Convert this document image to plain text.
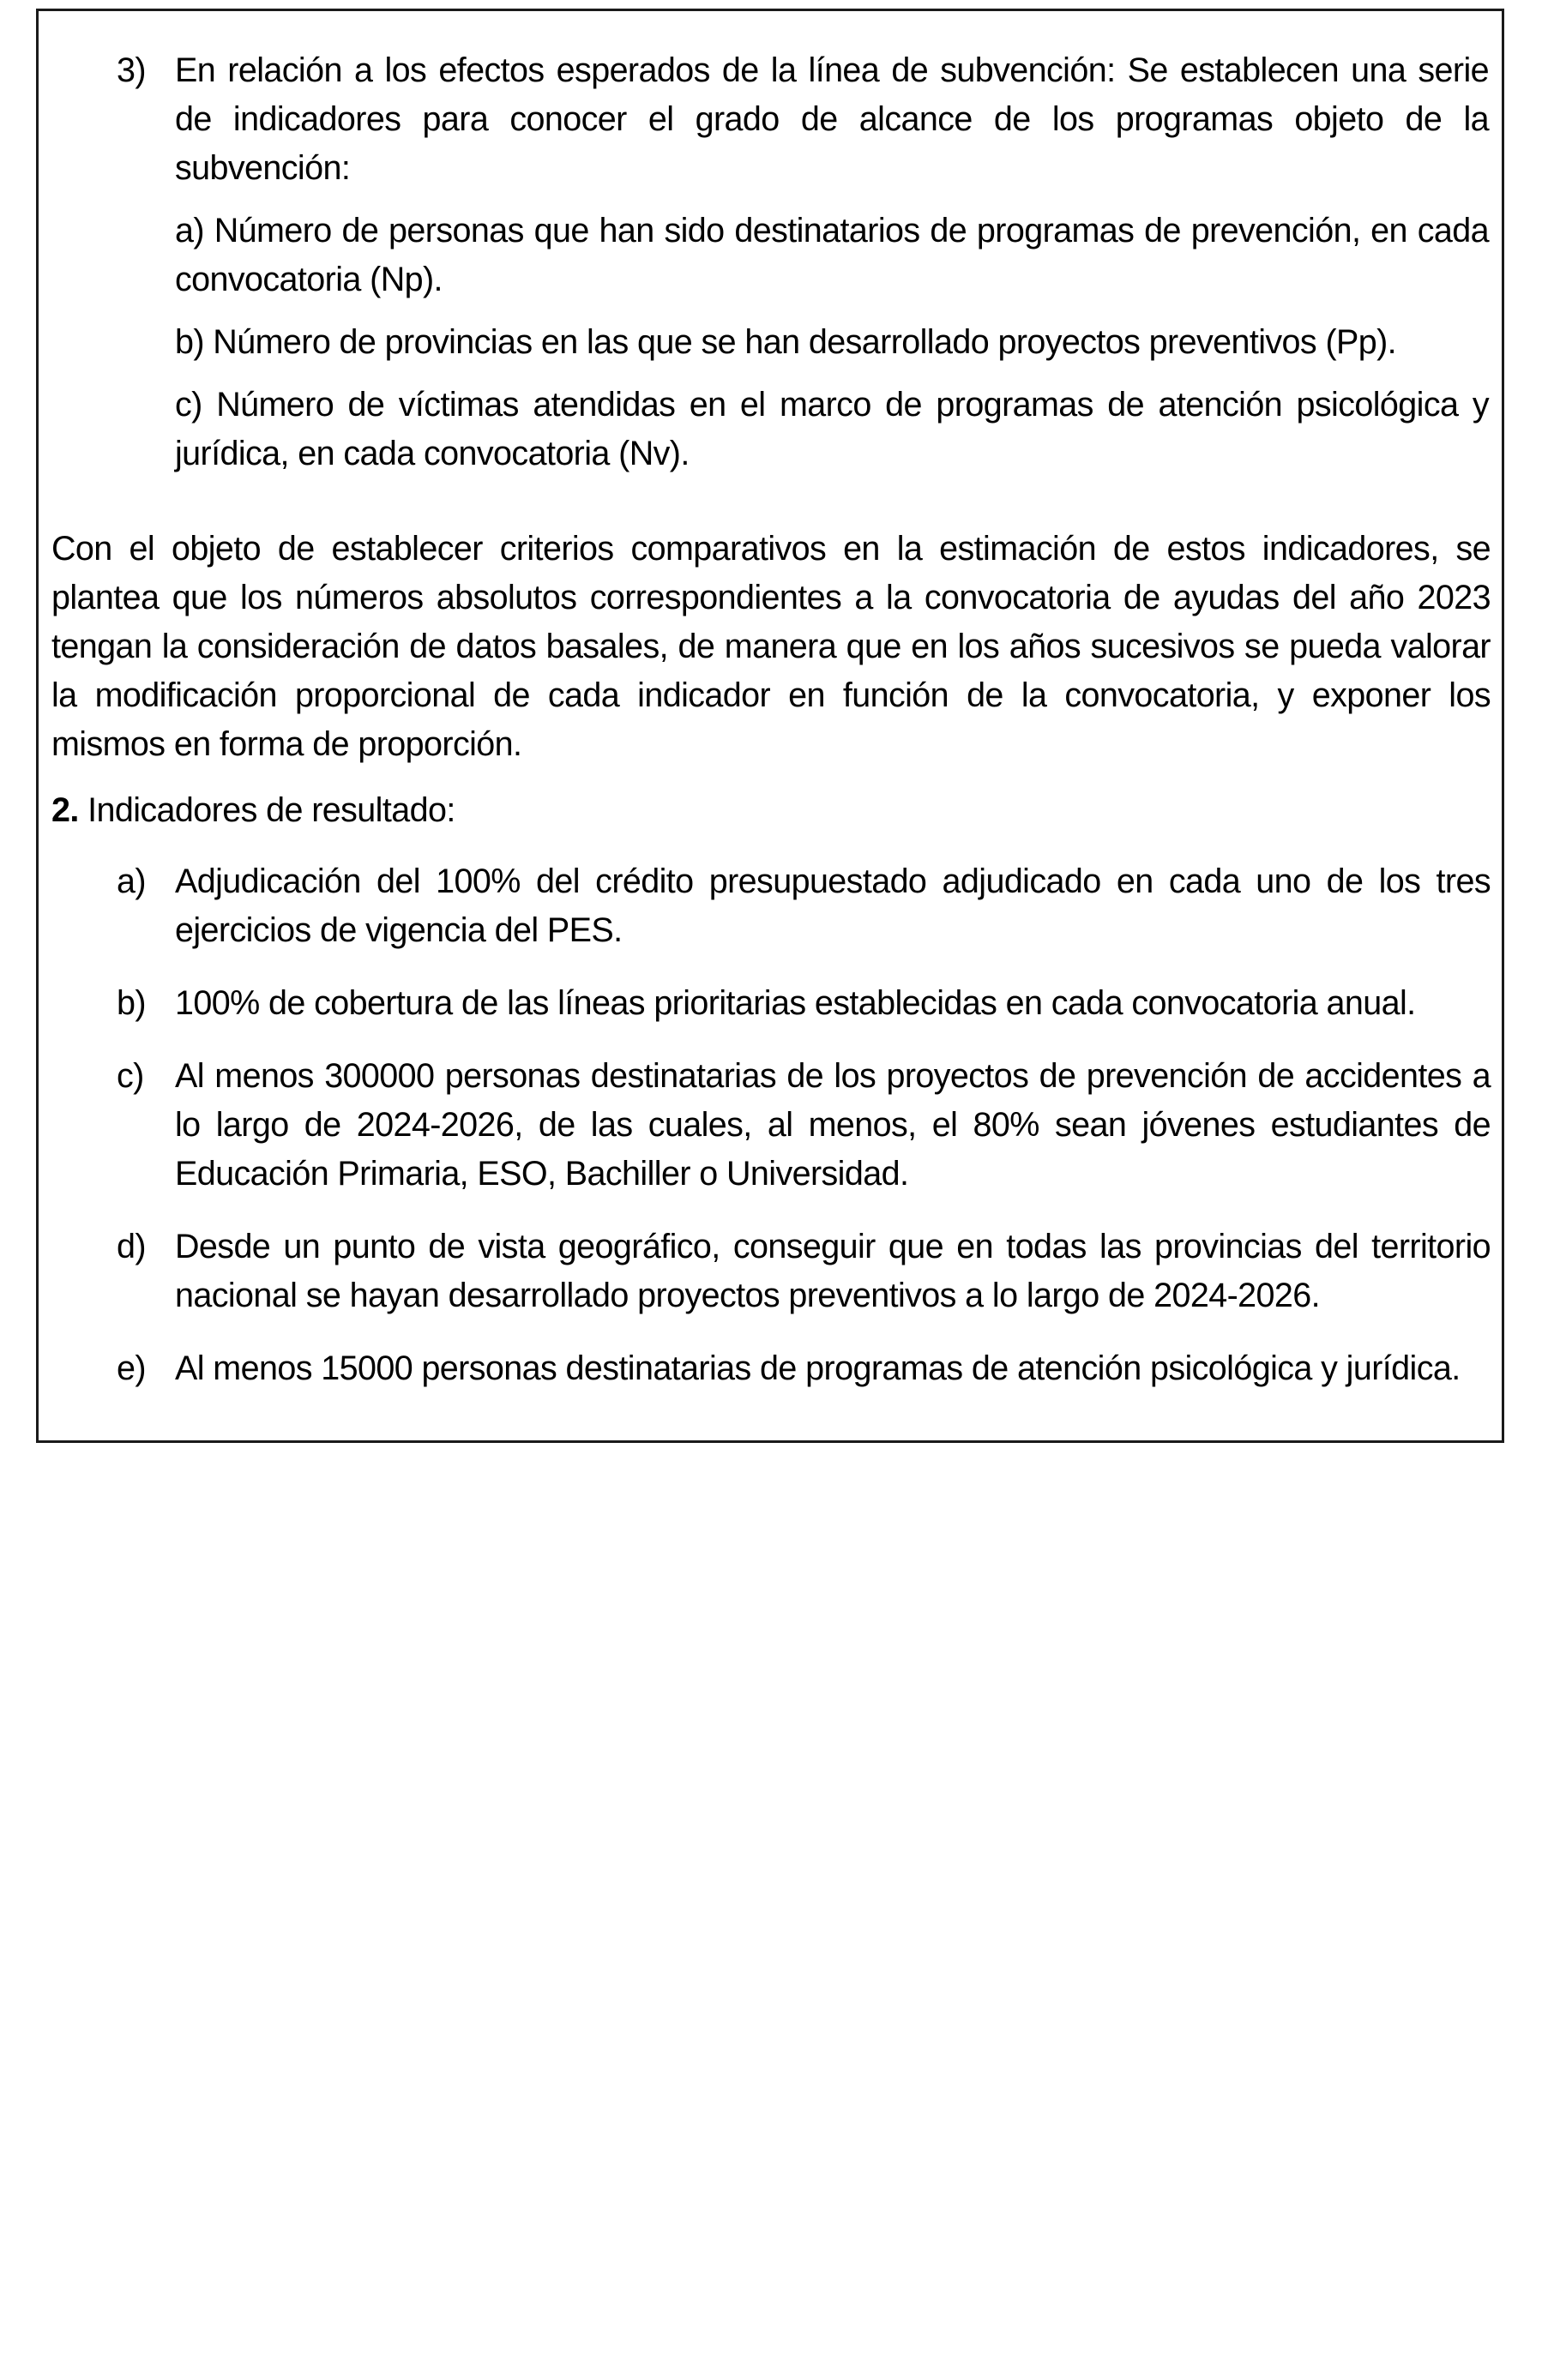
3) En relación a los efectos esperados de la línea de subvención: Se establecen una serie de indicadores para conocer el grado de alcance de los programas objeto de la subvención:

a) Número de personas que han sido destinatarios de programas de prevención, en cada convocatoria (Np).

b) Número de provincias en las que se han desarrollado proyectos preventivos (Pp).

c) Número de víctimas atendidas en el marco de programas de atención psicológica y jurídica, en cada convocatoria (Nv).

Con el objeto de establecer criterios comparativos en la estimación de estos indicadores, se plantea que los números absolutos correspondientes a la convocatoria de ayudas del año 2023 tengan la consideración de datos basales, de manera que en los años sucesivos se pueda valorar la modificación proporcional de cada indicador en función de la convocatoria, y exponer los mismos en forma de proporción.

2. Indicadores de resultado:

a) Adjudicación del 100% del crédito presupuestado adjudicado en cada uno de los tres ejercicios de vigencia del PES.

b) 100% de cobertura de las líneas prioritarias establecidas en cada convocatoria anual.

c) Al menos 300000 personas destinatarias de los proyectos de prevención de accidentes a lo largo de 2024-2026, de las cuales, al menos, el 80% sean jóvenes estudiantes de Educación Primaria, ESO, Bachiller o Universidad.

d) Desde un punto de vista geográfico, conseguir que en todas las provincias del territorio nacional se hayan desarrollado proyectos preventivos a lo largo de 2024-2026.

e) Al menos 15000 personas destinatarias de programas de atención psicológica y jurídica.
